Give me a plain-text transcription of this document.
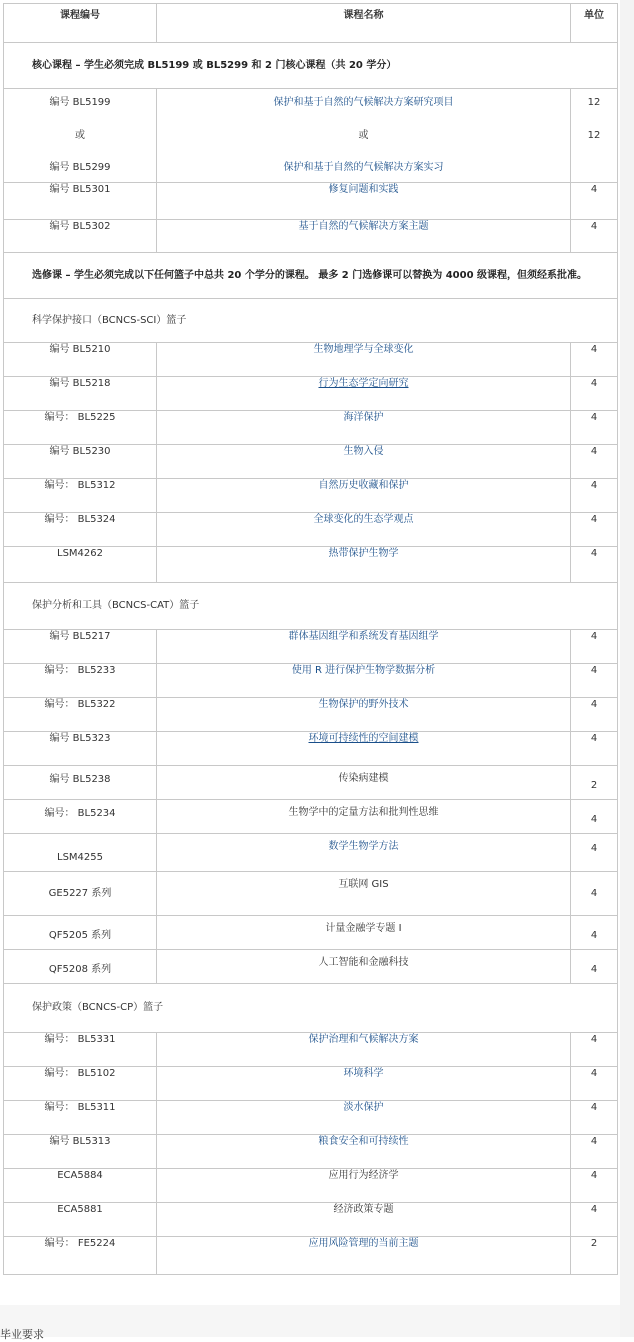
课程编号	课程名称	单位
核心课程 – 学生必须完成 BL5199 或 BL5299 和 2 门核心课程（共 20 学分）		
编号 BL5199	保护和基于自然的气候解决方案研究项目	12
或	或	12
编号 BL5299	保护和基于自然的气候解决方案实习	
编号 BL5301	修复问题和实践	4
编号 BL5302	基于自然的气候解决方案主题	4
选修课 – 学生必须完成以下任何篮子中总共 20 个学分的课程。 最多 2 门选修课可以替换为 4000 级课程，但须经系批准。		
科学保护接口（BCNCS-SCI）篮子		
编号 BL5210	生物地理学与全球变化	4
编号 BL5218	行为生态学定向研究	4
编号： BL5225	海洋保护	4
编号 BL5230	生物入侵	4
编号： BL5312	自然历史收藏和保护	4
编号： BL5324	全球变化的生态学观点	4
LSM4262	热带保护生物学	4
保护分析和工具（BCNCS-CAT）篮子		
编号 BL5217	群体基因组学和系统发育基因组学	4
编号： BL5233	使用 R 进行保护生物学数据分析	4
编号： BL5322	生物保护的野外技术	4
编号 BL5323	环境可持续性的空间建模	4
编号 BL5238	传染病建模	2
编号： BL5234	生物学中的定量方法和批判性思维	4
LSM4255	数学生物学方法	4
GE5227 系列	互联网 GIS	4
QF5205 系列	计量金融学专题 I	4
QF5208 系列	人工智能和金融科技	4
保护政策（BCNCS-CP）篮子		
编号： BL5331	保护治理和气候解决方案	4
编号： BL5102	环境科学	4
编号： BL5311	淡水保护	4
编号 BL5313	粮食安全和可持续性	4
ECA5884	应用行为经济学	4
ECA5881	经济政策专题	4
编号： FE5224	应用风险管理的当前主题	2
毕业要求
